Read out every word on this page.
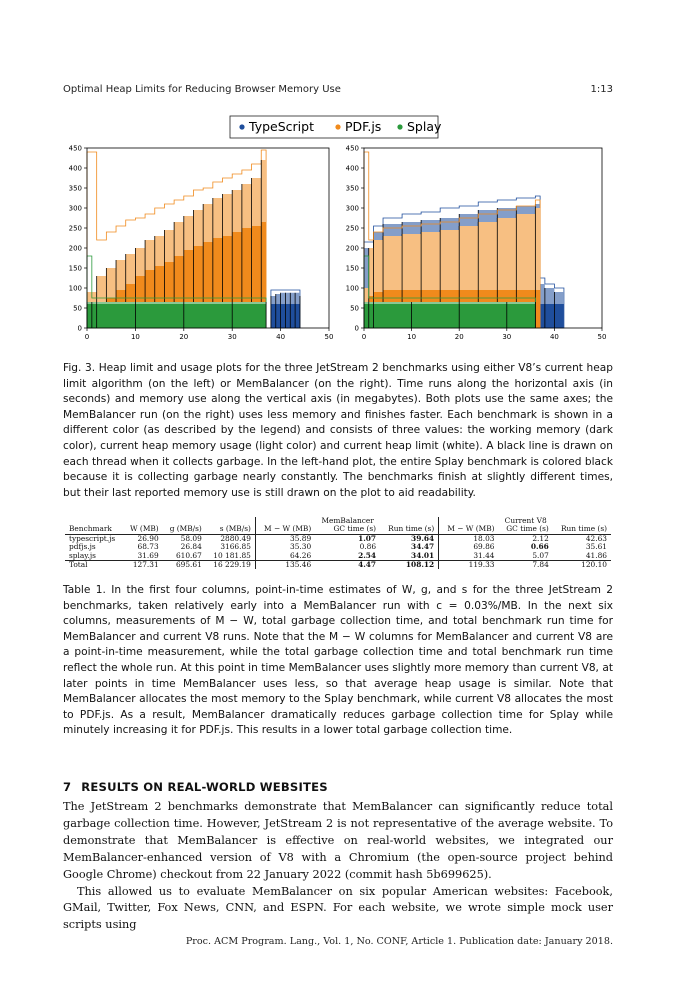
Optimal Heap Limits for Reducing Browser Memory Use	1:13
0	10	20	30	40	50
0
50
100
150
200
250
300
350
400
450
0	10	20	30	40	50
0
50
100
150
200
250
300
350
400
450
TypeScript PDF.js Splay
Fig. 3. Heap limit and usage plots for the three JetStream 2 benchmarks using either V8’s current heap limit algorithm (on the left) or MemBalancer (on the right). Time runs along the horizontal axis (in seconds) and memory use along the vertical axis (in megabytes). Both plots use the same axes; the MemBalancer run (on the right) uses less memory and finishes faster. Each benchmark is shown in a different color (as described by the legend) and consists of three values: the working memory (dark color), current heap memory usage (light color) and current heap limit (white). A black line is drawn on each thread when it collects garbage. In the left-hand plot, the entire Splay benchmark is colored black because it is collecting garbage nearly constantly. The benchmarks finish at slightly different times, but their last reported memory use is still drawn on the plot to aid readability.
					MemBalancer			Current V8	
Benchmark	W (MB)	g (MB/s)	s (MB/s)	M − W (MB)	GC time (s)	Run time (s)	M − W (MB)	GC time (s)	Run time (s)
typescript.js	26.90	58.09	2880.49	35.89	1.07	39.64	18.03	2.12	42.63
pdfjs.js	68.73	26.84	3166.85	35.30	0.86	34.47	69.86	0.66	35.61
splay.js	31.69	610.67	10 181.85	64.26	2.54	34.01	31.44	5.07	41.86
Total	127.31	695.61	16 229.19	135.46	4.47	108.12	119.33	7.84	120.10
Table 1. In the first four columns, point-in-time estimates of W, g, and s for the three JetStream 2 benchmarks, taken relatively early into a MemBalancer run with c = 0.03%/MB. In the next six columns, measurements of M − W, total garbage collection time, and total benchmark run time for MemBalancer and current V8 runs. Note that the M − W columns for MemBalancer and current V8 are a point-in-time measurement, while the total garbage collection time and total benchmark run time reflect the whole run. At this point in time MemBalancer uses slightly more memory than current V8, at later points in time MemBalancer uses less, so that average heap usage is similar. Note that MemBalancer allocates the most memory to the Splay benchmark, while current V8 allocates the most to PDF.js. As a result, MemBalancer dramatically reduces garbage collection time for Splay while minutely increasing it for PDF.js. This results in a lower total garbage collection time.
7 RESULTS ON REAL-WORLD WEBSITES

The JetStream 2 benchmarks demonstrate that MemBalancer can significantly reduce total garbage collection time. However, JetStream 2 is not representative of the average website. To demonstrate that MemBalancer is effective on real-world websites, we integrated our MemBalancer-enhanced version of V8 with a Chromium (the open-source project behind Google Chrome) checkout from 22 January 2022 (commit hash 5b699625).

This allowed us to evaluate MemBalancer on six popular American websites: Facebook, GMail, Twitter, Fox News, CNN, and ESPN. For each website, we wrote simple mock user scripts using

Proc. ACM Program. Lang., Vol. 1, No. CONF, Article 1. Publication date: January 2018.
